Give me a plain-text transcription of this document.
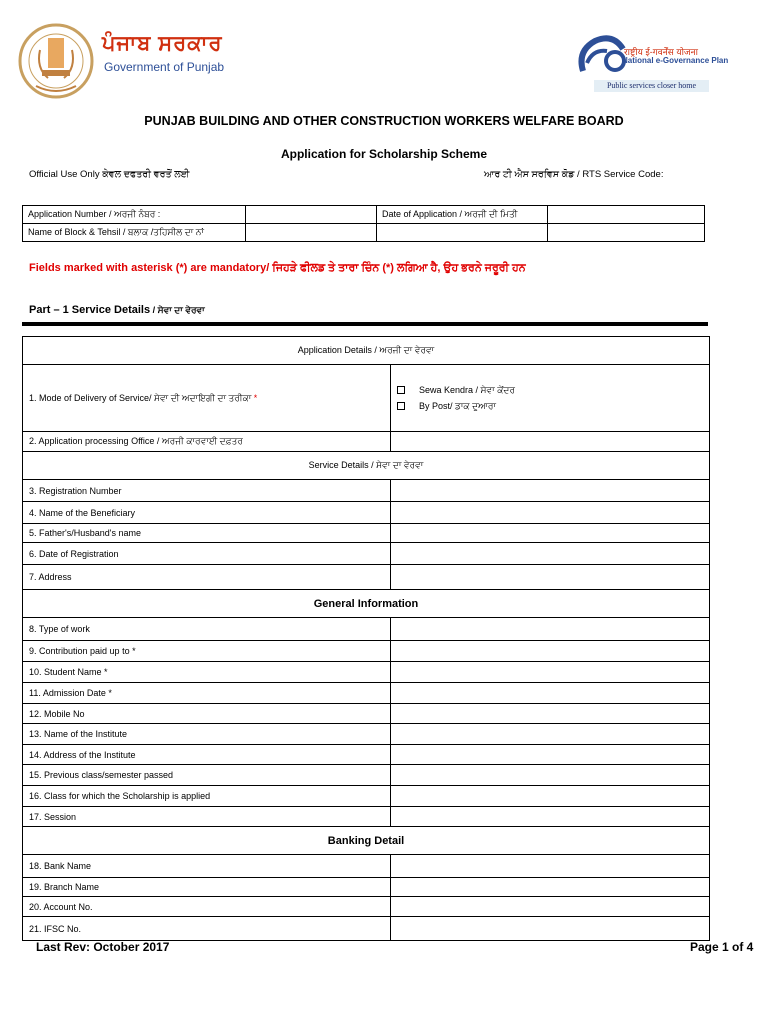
ਪੰਜਾਬ ਸਰਕਾਰ
Government of Punjab
राष्ट्रीय ई-गवर्नेंस योजना
National e-Governance Plan
Public services closer home
PUNJAB BUILDING AND OTHER CONSTRUCTION WORKERS WELFARE BOARD
Application for Scholarship Scheme
Official Use Only ਕੇਵਲ ਦਫਤਰੀ ਵਰਤੋਂ ਲਈ	ਆਰ ਟੀ ਐਸ ਸਰਵਿਸ ਕੋਡ / RTS Service Code:
Application Number / ਅਰਜੀ ਨੰਬਰ :		Date of Application / ਅਰਜੀ ਦੀ ਮਿਤੀ	
Name of Block & Tehsil / ਬਲਾਕ /ਤਹਿਸੀਲ ਦਾ ਨਾਂ			
Fields marked with asterisk (*) are mandatory/ ਜਿਹੜੇ ਫੀਲਡ ਤੇ ਤਾਰਾ ਚਿੰਨ (*) ਲਗਿਆ ਹੈ, ਉਹ ਭਰਨੇ ਜਰੂਰੀ ਹਨ
Part – 1 Service Details / ਸੇਵਾ ਦਾ ਵੇਰਵਾ
Application Details / ਅਰਜੀ ਦਾ ਵੇਰਵਾ	
1. Mode of Delivery of Service/ ਸੇਵਾ ਦੀ ਅਦਾਇਗੀ ਦਾ ਤਰੀਕਾ *	Sewa Kendra / ਸੇਵਾ ਕੇਂਦਰ
By Post/ ਡਾਕ ਦੁਆਰਾ

2. Application processing Office / ਅਰਜੀ ਕਾਰਵਾਈ ਦਫ਼ਤਰ	
Service Details / ਸੇਵਾ ਦਾ ਵੇਰਵਾ	
3. Registration Number	
4. Name of the Beneficiary	
5. Father's/Husband's name	
6. Date of Registration	
7. Address	
General Information	
8. Type of work	
9. Contribution paid up to *	
10. Student Name *	
11. Admission Date *	
12. Mobile No	
13. Name of the Institute	
14. Address of the Institute	
15. Previous class/semester passed	
16. Class for which the Scholarship is applied	
17. Session	
Banking Detail	
18. Bank Name	
19. Branch Name	
20. Account No.	
21. IFSC No.	
Last Rev: October 2017	Page 1 of 4
